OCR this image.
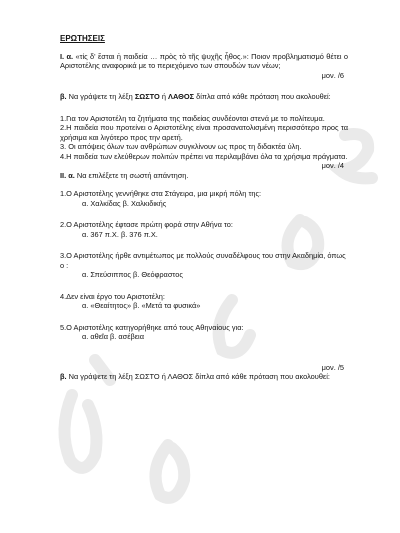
ΕΡΩΤΗΣΕΙΣ

Ι. α. «τίς δ' ἔσται ἡ παιδεία … πρὸς τὸ τῆς ψυχῆς ἦθος.»: Ποιον προβληματισμό θέτει ο Αριστοτέλης αναφορικά με το περιεχόμενο των σπουδών των νέων;

μον. /6

β. Να γράψετε τη λέξη ΣΩΣΤΟ ή ΛΑΘΟΣ δίπλα από κάθε πρόταση που ακολουθεί:

1.Για τον Αριστοτέλη τα ζητήματα της παιδείας συνδέονται στενά με το πολίτευμα.

2.Η παιδεία που προτείνει ο Αριστοτέλης είναι προσανατολισμένη περισσότερο προς τα χρήσιμα και λιγότερο προς την αρετή.

3. Οι απόψεις όλων των ανθρώπων συγκλίνουν ως προς τη διδακτέα ύλη.

4.Η παιδεία των ελεύθερων πολιτών πρέπει να περιλαμβάνει όλα τα χρήσιμα πράγματα.

μον. /4

ΙΙ. α. Να επιλέξετε τη σωστή απάντηση.

1.Ο Αριστοτέλης γεννήθηκε στα Στάγειρα, μια μικρή πόλη της:

α. Χαλκίδας β. Χαλκιδικής

2.Ο Αριστοτέλης έφτασε πρώτη φορά στην Αθήνα το:

α. 367 π.Χ. β. 376 π.Χ.

3.Ο Αριστοτέλης ήρθε αντιμέτωπος με πολλούς συναδέλφους του στην Ακαδημία, όπως ο :

α. Σπεύσιππος β. Θεόφραστος

4.Δεν είναι έργο του Αριστοτέλη:

α. «Θεαίτητος» β. «Μετά τα φυσικά»

5.Ο Αριστοτέλης κατηγορήθηκε από τους Αθηναίους για:

α. αθεΐα β. ασέβεια

μον. /5

β. Να γράψετε τη λέξη ΣΩΣΤΟ ή ΛΑΘΟΣ δίπλα από κάθε πρόταση που ακολουθεί:
